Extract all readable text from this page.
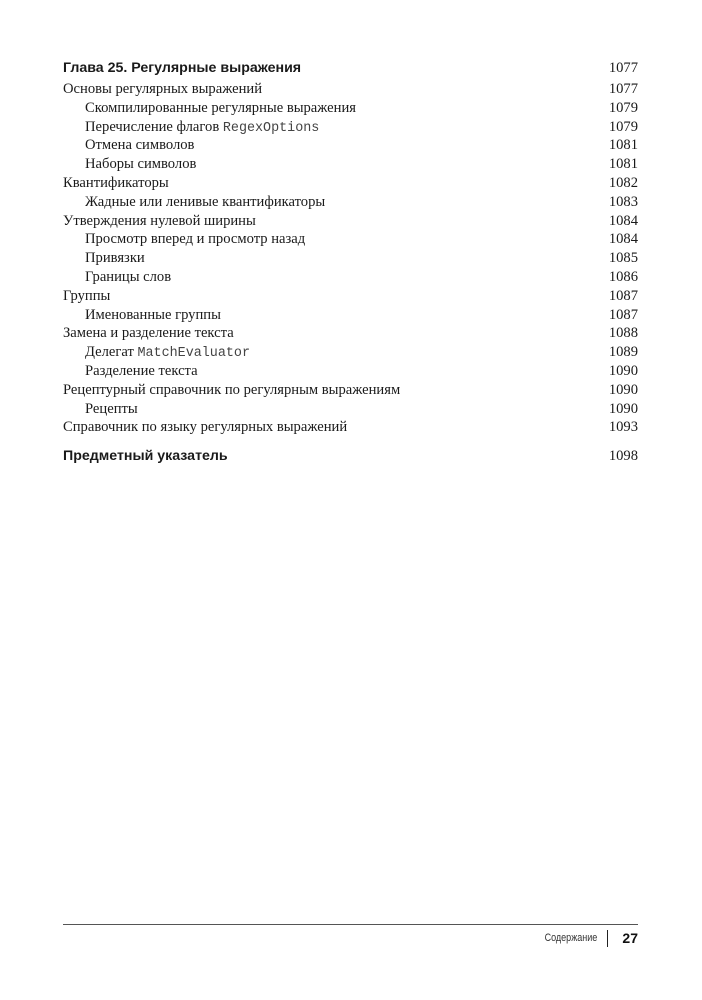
Глава 25. Регулярные выражения	1077
Основы регулярных выражений	1077
Скомпилированные регулярные выражения	1079
Перечисление флагов RegexOptions	1079
Отмена символов	1081
Наборы символов	1081
Квантификаторы	1082
Жадные или ленивые квантификаторы	1083
Утверждения нулевой ширины	1084
Просмотр вперед и просмотр назад	1084
Привязки	1085
Границы слов	1086
Группы	1087
Именованные группы	1087
Замена и разделение текста	1088
Делегат MatchEvaluator	1089
Разделение текста	1090
Рецептурный справочник по регулярным выражениям	1090
Рецепты	1090
Справочник по языку регулярных выражений	1093
Предметный указатель	1098
Содержание 27
